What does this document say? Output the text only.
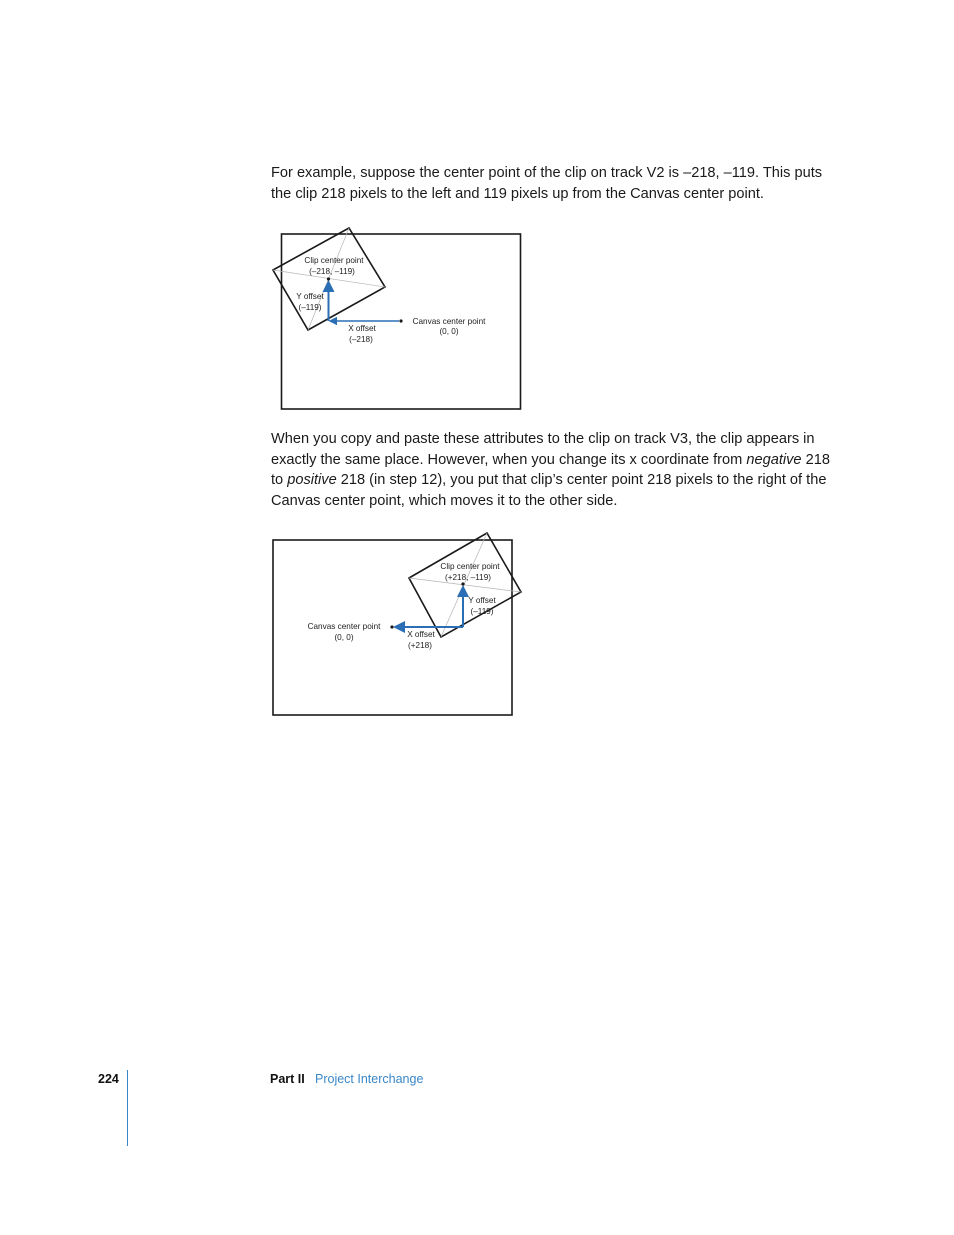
For example, suppose the center point of the clip on track V2 is –218, –119. This puts the clip 218 pixels to the left and 119 pixels up from the Canvas center point.

When you copy and paste these attributes to the clip on track V3, the clip appears in exactly the same place. However, when you change its x coordinate from negative 218 to positive 218 (in step 12), you put that clip’s center point 218 pixels to the right of the Canvas center point, which moves it to the other side.

Clip center point
(–218, –119)
Y offset
(–119)
X offset
(–218)
Canvas center point
(0, 0)
Clip center point
(+218, –119)
Y offset
(–119)
X offset
(+218)
Canvas center point
(0, 0)
224	Part II Project Interchange
